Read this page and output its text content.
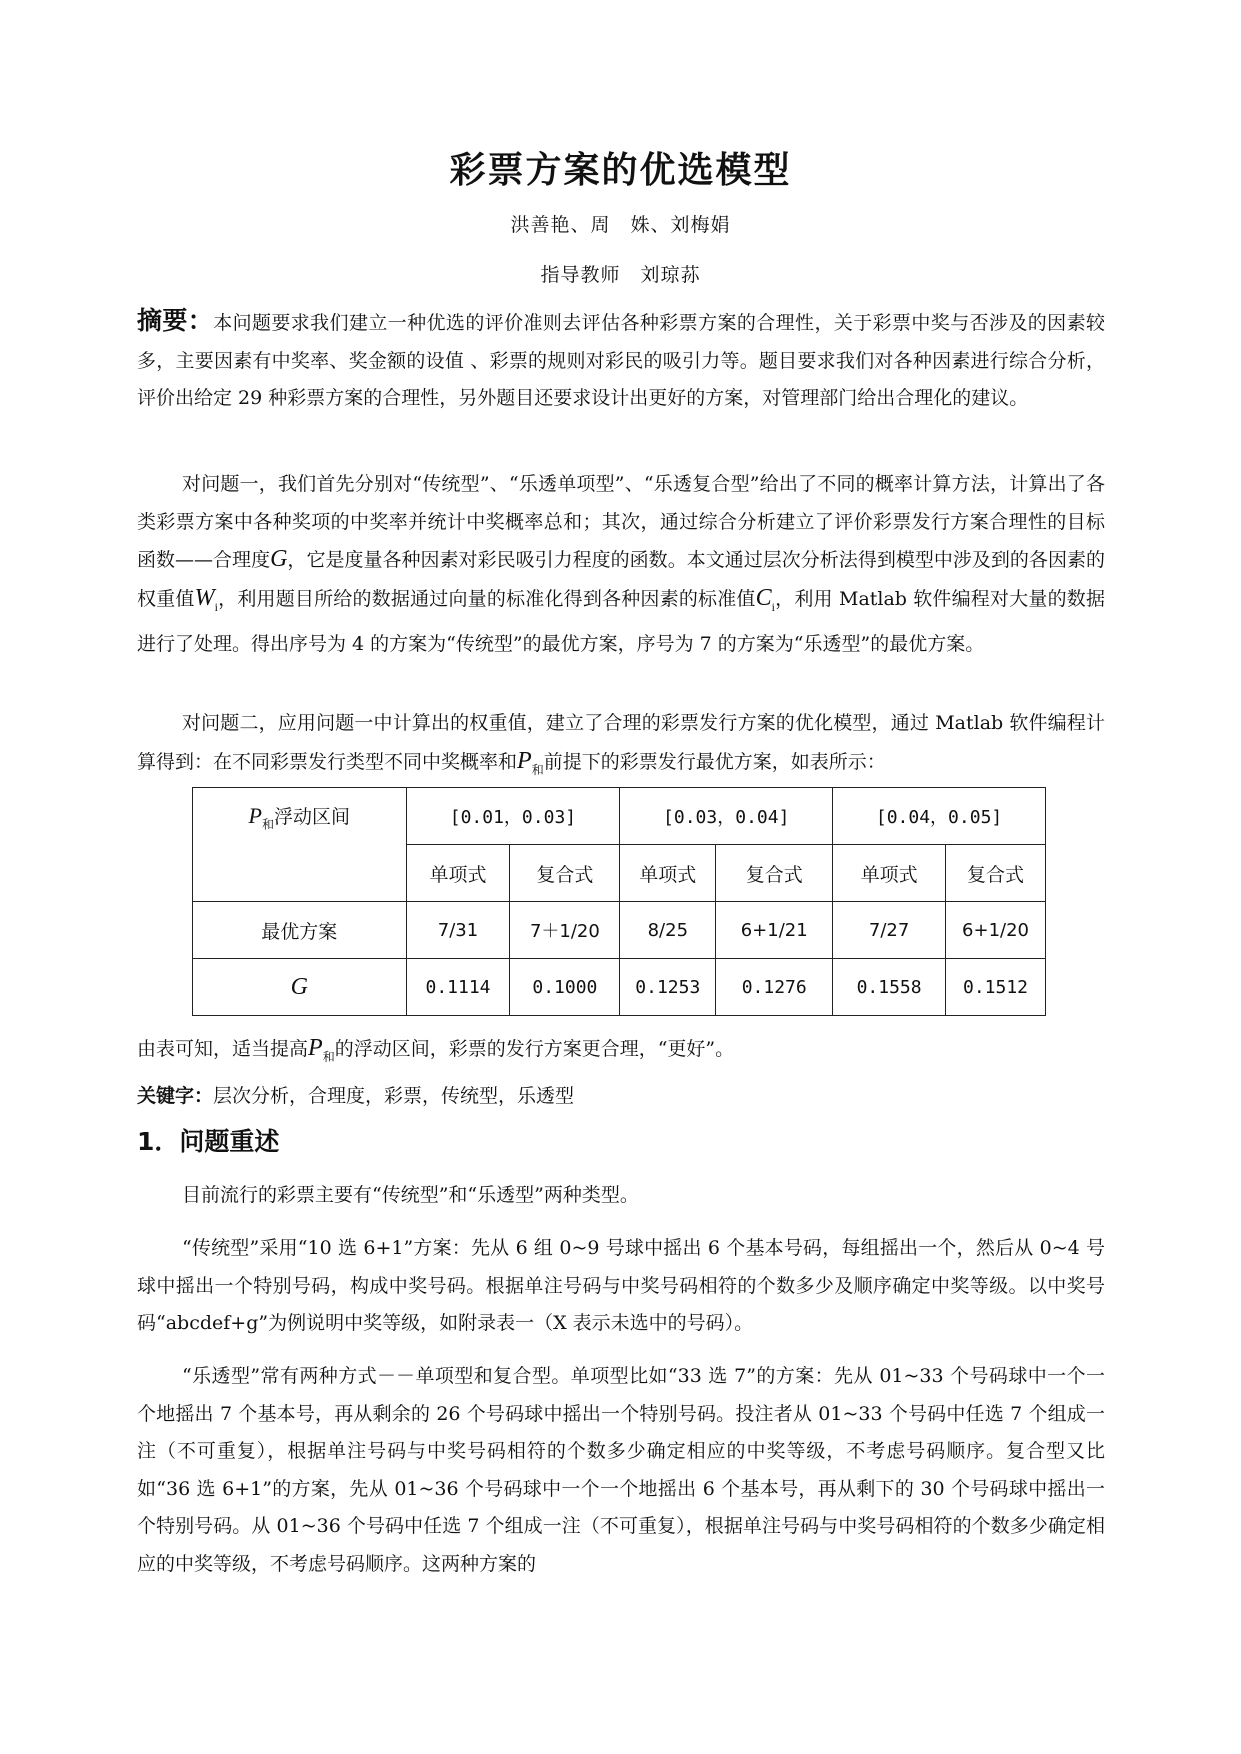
彩票方案的优选模型
洪善艳、周　姝、刘梅娟
指导教师　刘琼荪

摘要：本问题要求我们建立一种优选的评价准则去评估各种彩票方案的合理性，关于彩票中奖与否涉及的因素较多，主要因素有中奖率、奖金额的设值 、彩票的规则对彩民的吸引力等。题目要求我们对各种因素进行综合分析，评价出给定 29 种彩票方案的合理性，另外题目还要求设计出更好的方案，对管理部门给出合理化的建议。

对问题一，我们首先分别对“传统型”、“乐透单项型”、“乐透复合型”给出了不同的概率计算方法，计算出了各类彩票方案中各种奖项的中奖率并统计中奖概率总和；其次，通过综合分析建立了评价彩票发行方案合理性的目标函数——合理度G，它是度量各种因素对彩民吸引力程度的函数。本文通过层次分析法得到模型中涉及到的各因素的权重值$W_i$，利用题目所给的数据通过向量的标准化得到各种因素的标准值$C_i$，利用 Matlab 软件编程对大量的数据进行了处理。得出序号为 4 的方案为“传统型”的最优方案，序号为 7 的方案为“乐透型”的最优方案。

对问题二，应用问题一中计算出的权重值，建立了合理的彩票发行方案的优化模型，通过 Matlab 软件编程计算得到：在不同彩票发行类型不同中奖概率和$P_和$前提下的彩票发行最优方案，如表所示：

$P_和$浮动区间	[0.01，0.03]		[0.03，0.04]		[0.04，0.05]	
	单项式	复合式	单项式	复合式	单项式	复合式
最优方案	7/31	7＋1/20	8/25	6+1/21	7/27	6+1/20
G	0.1114	0.1000	0.1253	0.1276	0.1558	0.1512

由表可知，适当提高$P_和$的浮动区间，彩票的发行方案更合理，“更好”。

关键字：层次分析，合理度，彩票，传统型，乐透型

1．问题重述

目前流行的彩票主要有“传统型”和“乐透型”两种类型。

“传统型”采用“10 选 6+1”方案：先从 6 组 0~9 号球中摇出 6 个基本号码，每组摇出一个，然后从 0~4 号球中摇出一个特别号码，构成中奖号码。根据单注号码与中奖号码相符的个数多少及顺序确定中奖等级。以中奖号码“abcdef+g”为例说明中奖等级，如附录表一（X 表示未选中的号码）。

“乐透型”常有两种方式－－单项型和复合型。单项型比如“33 选 7”的方案：先从 01~33 个号码球中一个一个地摇出 7 个基本号，再从剩余的 26 个号码球中摇出一个特别号码。投注者从 01~33 个号码中任选 7 个组成一注（不可重复），根据单注号码与中奖号码相符的个数多少确定相应的中奖等级，不考虑号码顺序。复合型又比如“36 选 6+1”的方案，先从 01~36 个号码球中一个一个地摇出 6 个基本号，再从剩下的 30 个号码球中摇出一个特别号码。从 01~36 个号码中任选 7 个组成一注（不可重复），根据单注号码与中奖号码相符的个数多少确定相应的中奖等级，不考虑号码顺序。这两种方案的
